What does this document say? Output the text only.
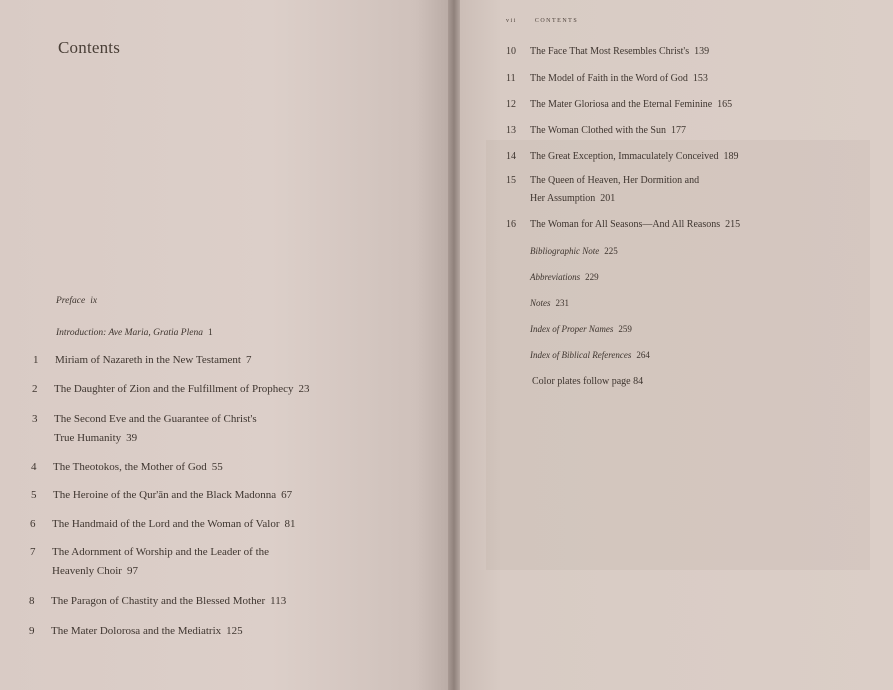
Contents
Preface ix
Introduction: Ave Maria, Gratia Plena 1
1	Miriam of Nazareth in the New Testament 7
2	The Daughter of Zion and the Fulfillment of Prophecy 23
3	The Second Eve and the Guarantee of Christ's
True Humanity 39
4	The Theotokos, the Mother of God 55
5	The Heroine of the Qur'ān and the Black Madonna 67
6	The Handmaid of the Lord and the Woman of Valor 81
7	The Adornment of Worship and the Leader of the
Heavenly Choir 97
8	The Paragon of Chastity and the Blessed Mother 113
9	The Mater Dolorosa and the Mediatrix 125
vii	CONTENTS
10	The Face That Most Resembles Christ's 139
11	The Model of Faith in the Word of God 153
12	The Mater Gloriosa and the Eternal Feminine 165
13	The Woman Clothed with the Sun 177
14	The Great Exception, Immaculately Conceived 189
15	The Queen of Heaven, Her Dormition and
Her Assumption 201
16	The Woman for All Seasons—And All Reasons 215
Bibliographic Note 225
Abbreviations 229
Notes 231
Index of Proper Names 259
Index of Biblical References 264
Color plates follow page 84
